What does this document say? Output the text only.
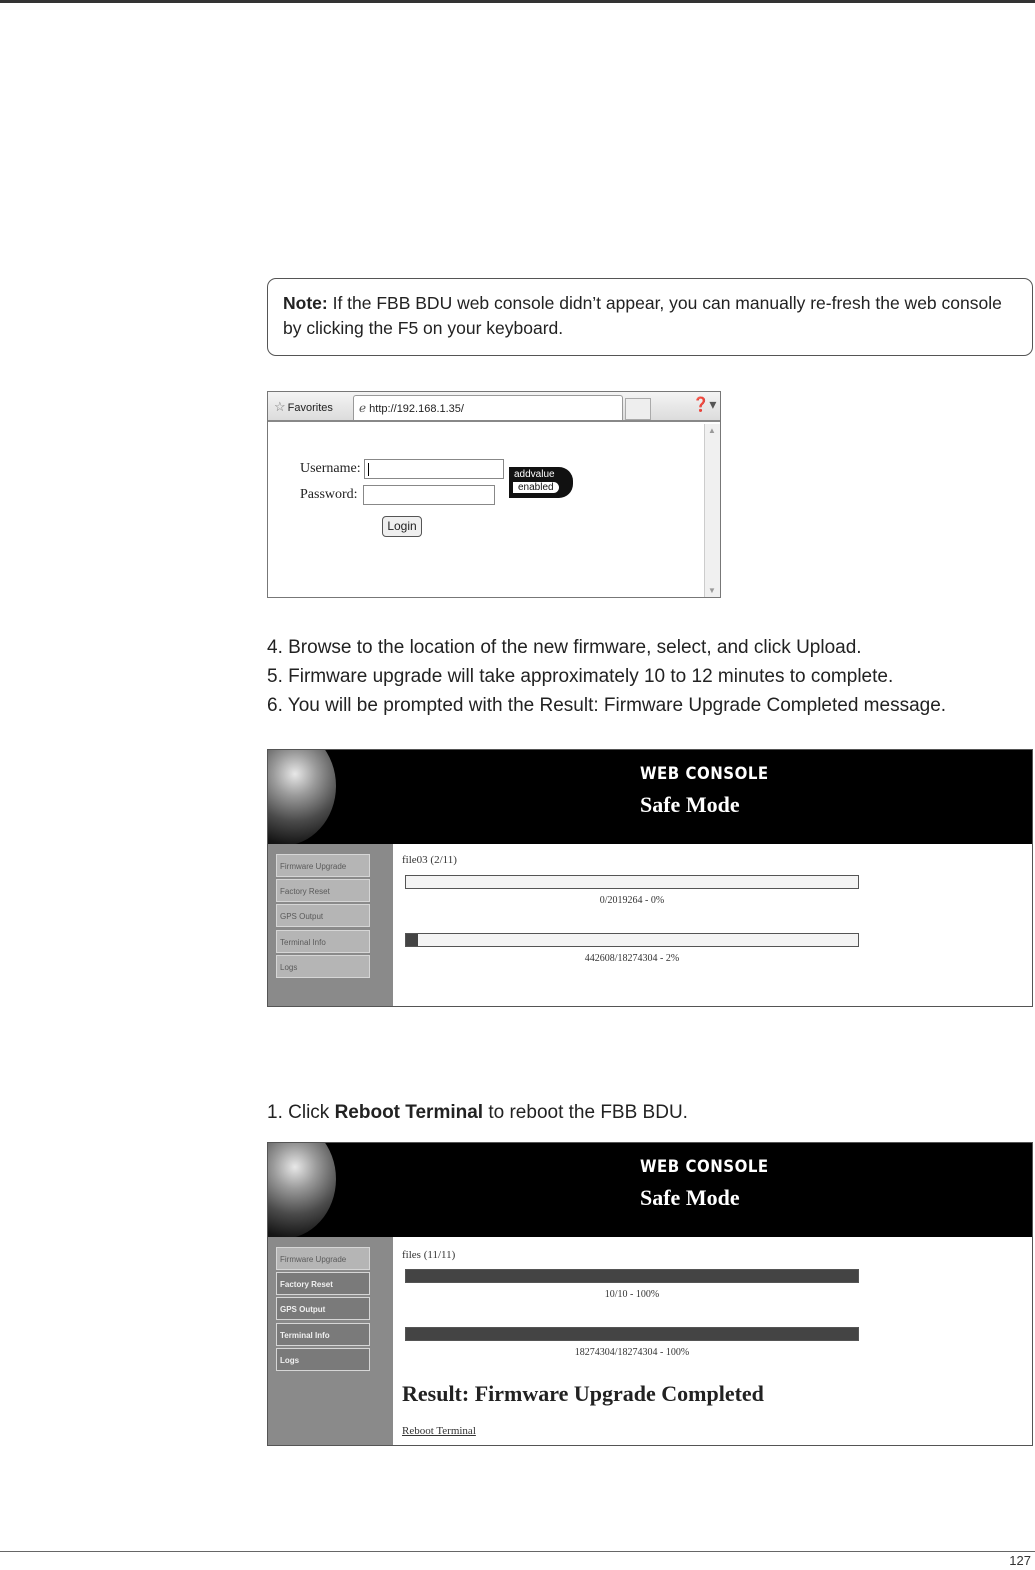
Note: If the FBB BDU web console didn’t appear, you can manually re-fresh the web console by clicking the F5 on your keyboard.
☆ Favorites ℯ http://192.168.1.35/	❓▾
▲
▼
Username:
Password:
Login
addvalue
enabled
4. Browse to the location of the new firmware, select, and click Upload.
5. Firmware upgrade will take approximately 10 to 12 minutes to complete.
6. You will be prompted with the Result: Firmware Upgrade Completed message.
WEB CONSOLE
Safe Mode
Firmware Upgrade
Factory Reset
GPS Output
Terminal Info
Logs
file03 (2/11)
0/2019264 - 0%
442608/18274304 - 2%
1. Click Reboot Terminal to reboot the FBB BDU.
WEB CONSOLE
Safe Mode
Firmware Upgrade
Factory Reset
GPS Output
Terminal Info
Logs
files (11/11)
10/10 - 100%
18274304/18274304 - 100%
Result: Firmware Upgrade Completed
Reboot Terminal
127
